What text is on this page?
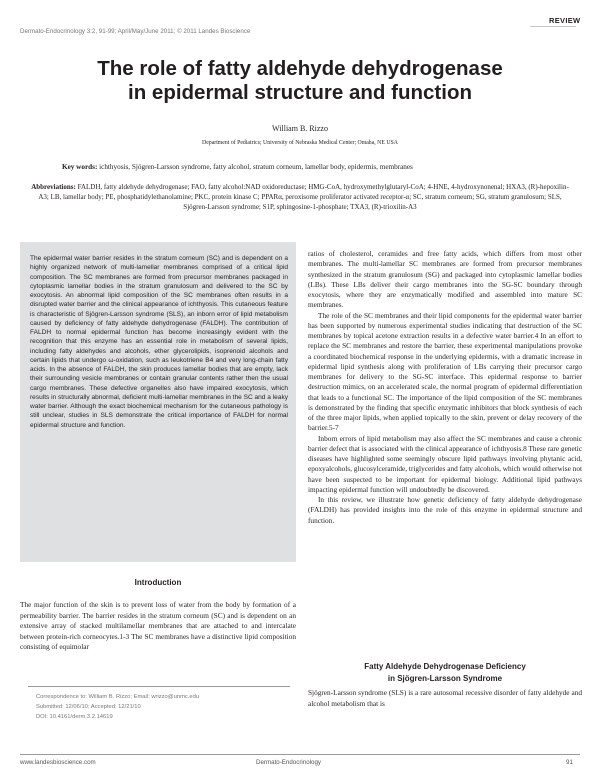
REVIEW
Dermato-Endocrinology 3:2, 91-99; April/May/June 2011; © 2011 Landes Bioscience
The role of fatty aldehyde dehydrogenase
in epidermal structure and function
William B. Rizzo
Department of Pediatrics; University of Nebraska Medical Center; Omaha, NE USA
Key words: ichthyosis, Sjögren-Larsson syndrome, fatty alcohol, stratum corneum, lamellar body, epidermis, membranes
Abbreviations: FALDH, fatty aldehyde dehydrogenase; FAO, fatty alcohol:NAD oxidoreductase; HMG-CoA, hydroxymethylglutaryl-CoA; 4-HNE, 4-hydroxynonenal; HXA3, (R)-hepoxilin-A3; LB, lamellar body; PE, phosphatidylethanolamine; PKC, protein kinase C; PPARα, peroxisome proliferator activated receptor-α; SC, stratum corneum; SG, stratum granulosum; SLS, Sjögren-Larsson syndrome; S1P, sphingosine-1-phosphate; TXA3, (R)-trioxilin-A3
The epidermal water barrier resides in the stratum corneum (SC) and is dependent on a highly organized network of multi-lamellar membranes comprised of a critical lipid composition. The SC membranes are formed from precursor membranes packaged in cytoplasmic lamellar bodies in the stratum granulosum and delivered to the SC by exocytosis. An abnormal lipid composition of the SC membranes often results in a disrupted water barrier and the clinical appearance of ichthyosis. This cutaneous feature is characteristic of Sjögren-Larsson syndrome (SLS), an inborn error of lipid metabolism caused by deficiency of fatty aldehyde dehydrogenase (FALDH). The contribution of FALDH to normal epidermal function has become increasingly evident with the recognition that this enzyme has an essential role in metabolism of several lipids, including fatty aldehydes and alcohols, ether glycerolipids, isoprenoid alcohols and certain lipids that undergo ω-oxidation, such as leukotriene B4 and very long-chain fatty acids. In the absence of FALDH, the skin produces lamellar bodies that are empty, lack their surrounding vesicle membranes or contain granular contents rather then the usual cargo membranes. These defective organelles also have impaired exocytosis, which results in structurally abnormal, deficient multi-lamellar membranes in the SC and a leaky water barrier. Although the exact biochemical mechanism for the cutaneous pathology is still unclear, studies in SLS demonstrate the critical importance of FALDH for normal epidermal structure and function.
Introduction
The major function of the skin is to prevent loss of water from the body by formation of a permeability barrier. The barrier resides in the stratum corneum (SC) and is dependent on an extensive array of stacked multilamellar membranes that are attached to and intercalate between protein-rich corneocytes.1-3 The SC membranes have a distinctive lipid composition consisting of equimolar
Correspondence to: William B. Rizzo; Email: wrizzo@unmc.edu
Submitted: 12/06/10; Accepted: 12/21/10
DOI: 10.4161/derm.3.2.14619

ratios of cholesterol, ceramides and free fatty acids, which differs from most other membranes. The multi-lamellar SC membranes are formed from precursor membranes synthesized in the stratum granulosum (SG) and packaged into cytoplasmic lamellar bodies (LBs). These LBs deliver their cargo membranes into the SG-SC boundary through exocytosis, where they are enzymatically modified and assembled into mature SC membranes.

The role of the SC membranes and their lipid components for the epidermal water barrier has been supported by numerous experimental studies indicating that destruction of the SC membranes by topical acetone extraction results in a defective water barrier.4 In an effort to replace the SC membranes and restore the barrier, these experimental manipulations provoke a coordinated biochemical response in the underlying epidermis, with a dramatic increase in epidermal lipid synthesis along with proliferation of LBs carrying their precursor cargo membranes for delivery to the SG-SC interface. This epidermal response to barrier destruction mimics, on an accelerated scale, the normal program of epidermal differentiation that leads to a functional SC. The importance of the lipid composition of the SC membranes is demonstrated by the finding that specific enzymatic inhibitors that block synthesis of each of the three major lipids, when applied topically to the skin, prevent or delay recovery of the barrier.5-7

Inborn errors of lipid metabolism may also affect the SC membranes and cause a chronic barrier defect that is associated with the clinical appearance of ichthyosis.8 These rare genetic diseases have highlighted some seemingly obscure lipid pathways involving phytanic acid, epoxyalcohols, glucosylceramide, triglycerides and fatty alcohols, which would otherwise not have been suspected to be important for epidermal biology. Additional lipid pathways impacting epidermal function will undoubtedly be discovered.

In this review, we illustrate how genetic deficiency of fatty aldehyde dehydrogenase (FALDH) has provided insights into the role of this enzyme in epidermal structure and function.

Fatty Aldehyde Dehydrogenase Deficiency
in Sjögren-Larsson Syndrome
Sjögren-Larsson syndrome (SLS) is a rare autosomal recessive disorder of fatty aldehyde and alcohol metabolism that is
www.landesbioscience.com	Dermato-Endocrinology	91
